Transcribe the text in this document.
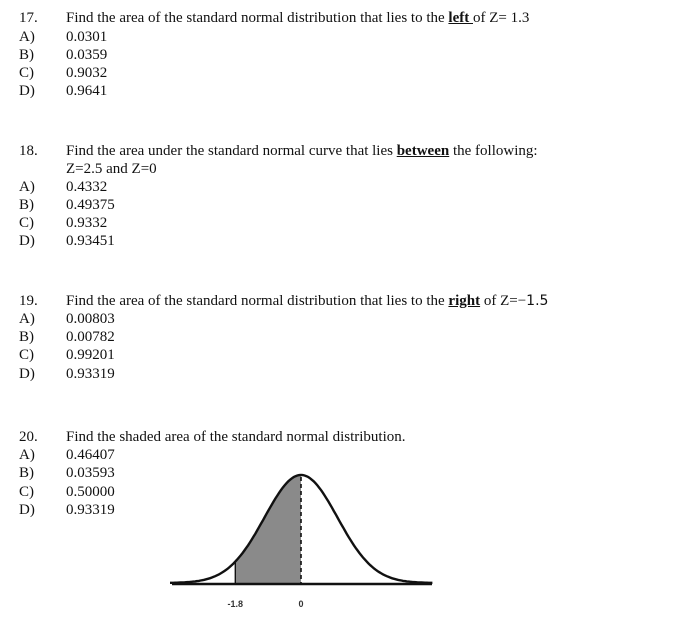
17. Find the area of the standard normal distribution that lies to the left of Z= 1.3
A) 0.0301
B) 0.0359
C) 0.9032
D) 0.9641
18. Find the area under the standard normal curve that lies between the following:
Z=2.5 and Z=0
A) 0.4332
B) 0.49375
C) 0.9332
D) 0.93451
19. Find the area of the standard normal distribution that lies to the right of Z=−1.5
A) 0.00803
B) 0.00782
C) 0.99201
D) 0.93319
20. Find the shaded area of the standard normal distribution.
A) 0.46407
B) 0.03593
C) 0.50000
D) 0.93319
-1.8	0
